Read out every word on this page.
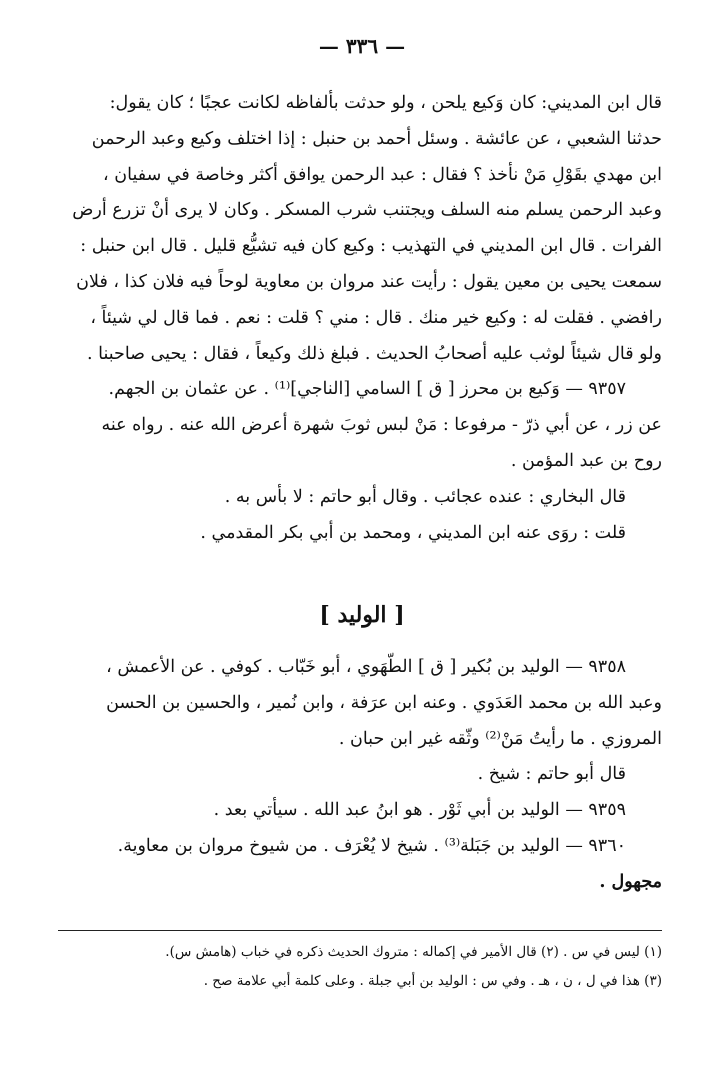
— ٣٣٦ —
قال ابن المديني: كان وَكيع يلحن ، ولو حدثت بألفاظه لكانت عجبًا ؛ كان يقول:
حدثنا الشعبي ، عن عائشة . وسئل أحمد بن حنبل : إذا اختلف وكيع وعبد الرحمن
ابن مهدي بقَوْلِ مَنْ نأخذ ؟ فقال : عبد الرحمن يوافق أكثر وخاصة في سفيان ،
وعبد الرحمن يسلم منه السلف ويجتنب شرب المسكر . وكان لا يرى أنْ تزرع أرض
الفرات . قال ابن المديني في التهذيب : وكيع كان فيه تشيُّع قليل . قال ابن حنبل :
سمعت يحيى بن معين يقول : رأيت عند مروان بن معاوية لوحاً فيه فلان كذا ، فلان
رافضي . فقلت له : وكيع خير منك . قال : مني ؟ قلت : نعم . فما قال لي شيئاً ،
ولو قال شيئاً لوثب عليه أصحابُ الحديث . فبلغ ذلك وكيعاً ، فقال : يحيى صاحبنا .
٩٣٥٧ — وَكيع بن محرز [ ق ] السامي [الناجي]⁽¹⁾ . عن عثمان بن الجهم.
عن زر ، عن أبي ذرّ - مرفوعا : مَنْ لبس ثوبَ شهرة أعرض الله عنه . رواه عنه
روح بن عبد المؤمن .
قال البخاري : عنده عجائب . وقال أبو حاتم : لا بأس به .
قلت : روَى عنه ابن المديني ، ومحمد بن أبي بكر المقدمي .
[ الوليد ]
٩٣٥٨ — الوليد بن بُكير [ ق ] الطّهَوي ، أبو خَبّاب . كوفي . عن الأعمش ،
وعبد الله بن محمد العَدَوي . وعنه ابن عرَفة ، وابن نُمير ، والحسين بن الحسن
المروزي . ما رأيتُ مَنْ⁽²⁾ وثّقه غير ابن حبان .
قال أبو حاتم : شيخ .
٩٣٥٩ — الوليد بن أبي ثَوْر . هو ابنُ عبد الله . سيأتي بعد .
٩٣٦٠ — الوليد بن جَبَلة⁽³⁾ . شيخ لا يُعْرَف . من شيوخ مروان بن معاوية.
مجهول .
(١) ليس في س . (٢) قال الأمير في إكماله : متروك الحديث ذكره في خباب (هامش س).
(٣) هذا في ل ، ن ، هـ . وفي س : الوليد بن أبي جبلة . وعلى كلمة أبي علامة صح .
